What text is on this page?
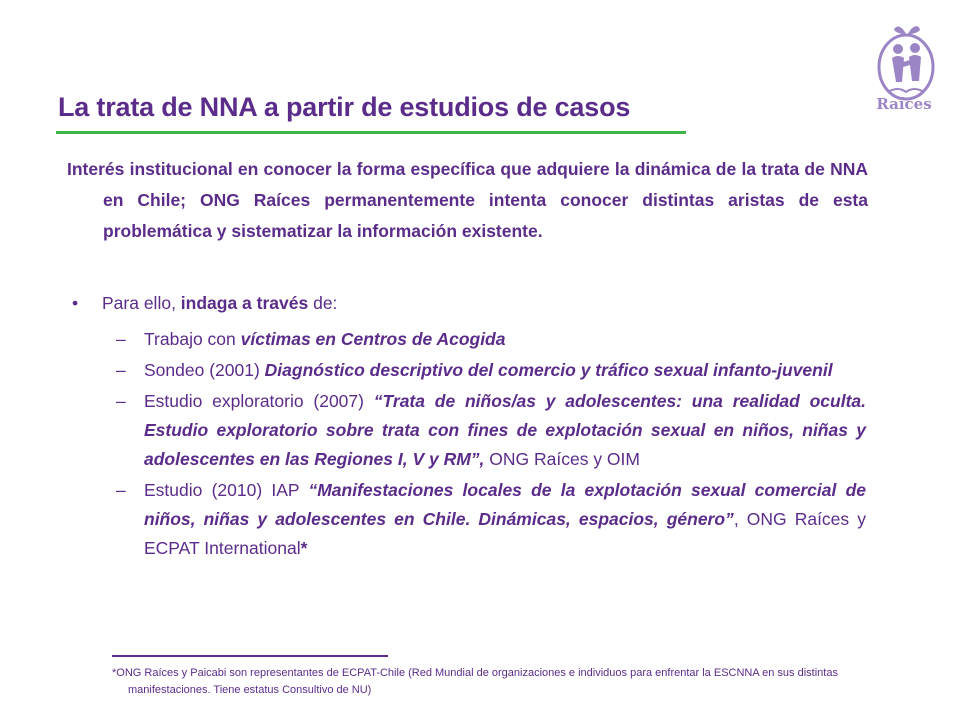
La trata de NNA a partir de estudios de casos	Raíces
Interés institucional en conocer la forma específica que adquiere la dinámica de la trata de NNA en Chile; ONG Raíces permanentemente intenta conocer distintas aristas de esta problemática y sistematizar la información existente.
• Para ello, indaga a través de:
– Trabajo con víctimas en Centros de Acogida
– Sondeo (2001) Diagnóstico descriptivo del comercio y tráfico sexual infanto-juvenil
– Estudio exploratorio (2007) “Trata de niños/as y adolescentes: una realidad oculta. Estudio exploratorio sobre trata con fines de explotación sexual en niños, niñas y adolescentes en las Regiones I, V y RM”, ONG Raíces y OIM
– Estudio (2010) IAP “Manifestaciones locales de la explotación sexual comercial de niños, niñas y adolescentes en Chile. Dinámicas, espacios, género”, ONG Raíces y ECPAT International*
*ONG Raíces y Paicabi son representantes de ECPAT-Chile (Red Mundial de organizaciones e individuos para enfrentar la ESCNNA en sus distintas manifestaciones. Tiene estatus Consultivo de NU)
